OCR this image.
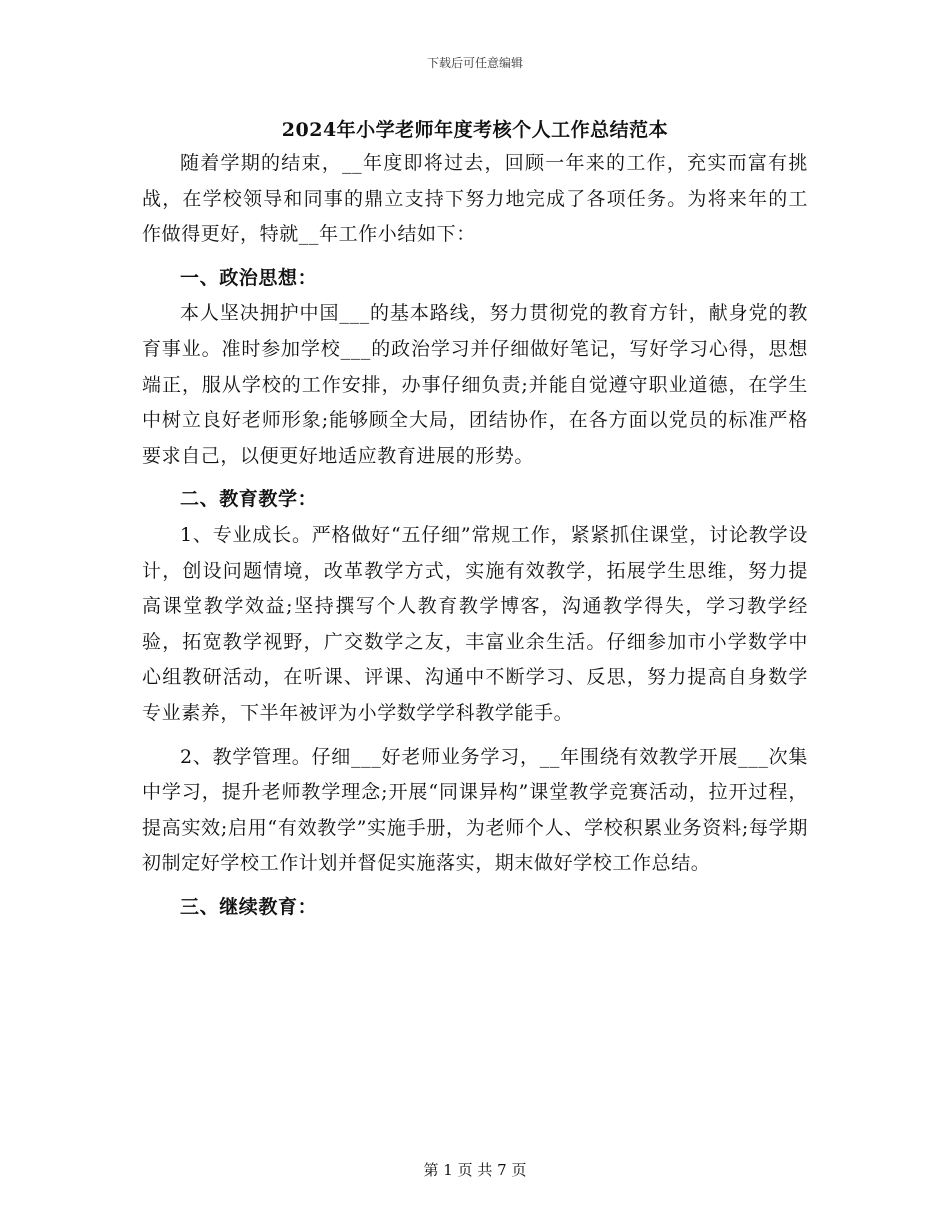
下载后可任意编辑
2024年小学老师年度考核个人工作总结范本

随着学期的结束，__年度即将过去，回顾一年来的工作，充实而富有挑战，在学校领导和同事的鼎立支持下努力地完成了各项任务。为将来年的工作做得更好，特就__年工作小结如下：

一、政治思想：

本人坚决拥护中国___的基本路线，努力贯彻党的教育方针，献身党的教育事业。准时参加学校___的政治学习并仔细做好笔记，写好学习心得，思想端正，服从学校的工作安排，办事仔细负责;并能自觉遵守职业道德，在学生中树立良好老师形象;能够顾全大局，团结协作，在各方面以党员的标准严格要求自己，以便更好地适应教育进展的形势。

二、教育教学：

1、专业成长。严格做好“五仔细”常规工作，紧紧抓住课堂，讨论教学设计，创设问题情境，改革教学方式，实施有效教学，拓展学生思维，努力提高课堂教学效益;坚持撰写个人教育教学博客，沟通教学得失，学习教学经验，拓宽教学视野，广交数学之友，丰富业余生活。仔细参加市小学数学中心组教研活动，在听课、评课、沟通中不断学习、反思，努力提高自身数学专业素养，下半年被评为小学数学学科教学能手。

2、教学管理。仔细___好老师业务学习，__年围绕有效教学开展___次集中学习，提升老师教学理念;开展“同课异构”课堂教学竞赛活动，拉开过程，提高实效;启用“有效教学”实施手册，为老师个人、学校积累业务资料;每学期初制定好学校工作计划并督促实施落实，期末做好学校工作总结。

三、继续教育：

第 1 页 共 7 页
